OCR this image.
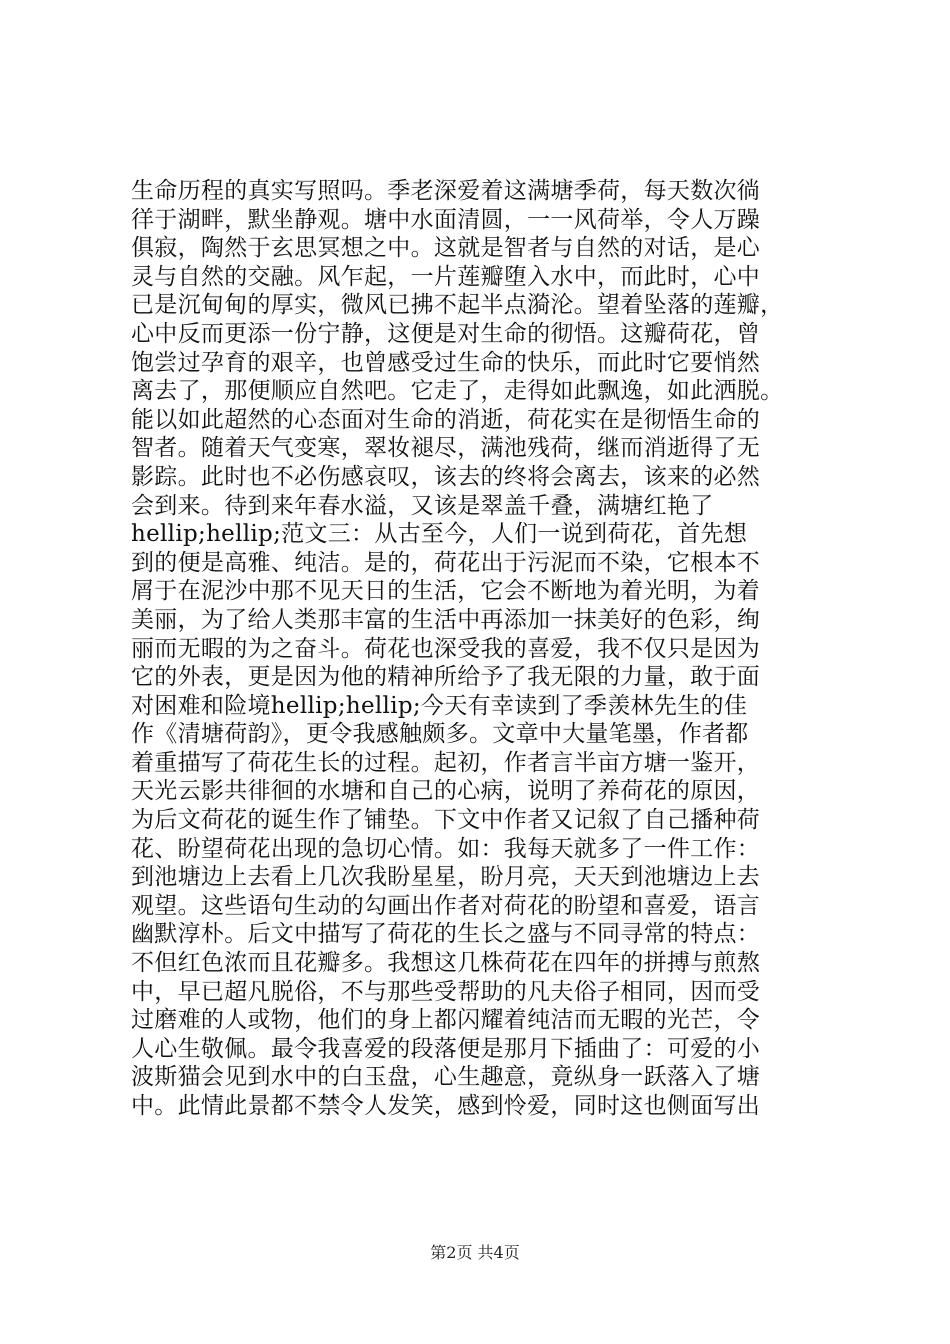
生命历程的真实写照吗。季老深爱着这满塘季荷，每天数次徜
徉于湖畔，默坐静观。塘中水面清圆，一一风荷举，令人万躁
俱寂，陶然于玄思冥想之中。这就是智者与自然的对话，是心
灵与自然的交融。风乍起，一片莲瓣堕入水中，而此时，心中
已是沉甸甸的厚实，微风已拂不起半点漪沦。望着坠落的莲瓣，
心中反而更添一份宁静，这便是对生命的彻悟。这瓣荷花，曾
饱尝过孕育的艰辛，也曾感受过生命的快乐，而此时它要悄然
离去了，那便顺应自然吧。它走了，走得如此飘逸，如此洒脱。
能以如此超然的心态面对生命的消逝，荷花实在是彻悟生命的
智者。随着天气变寒，翠妆褪尽，满池残荷，继而消逝得了无
影踪。此时也不必伤感哀叹，该去的终将会离去，该来的必然
会到来。待到来年春水溢，又该是翠盖千叠，满塘红艳了
hellip;hellip;范文三：从古至今，人们一说到荷花，首先想
到的便是高雅、纯洁。是的，荷花出于污泥而不染，它根本不
屑于在泥沙中那不见天日的生活，它会不断地为着光明，为着
美丽，为了给人类那丰富的生活中再添加一抹美好的色彩，绚
丽而无暇的为之奋斗。荷花也深受我的喜爱，我不仅只是因为
它的外表，更是因为他的精神所给予了我无限的力量，敢于面
对困难和险境hellip;hellip;今天有幸读到了季羡林先生的佳
作《清塘荷韵》，更令我感触颇多。文章中大量笔墨，作者都
着重描写了荷花生长的过程。起初，作者言半亩方塘一鉴开，
天光云影共徘徊的水塘和自己的心病，说明了养荷花的原因，
为后文荷花的诞生作了铺垫。下文中作者又记叙了自己播种荷
花、盼望荷花出现的急切心情。如：我每天就多了一件工作：
到池塘边上去看上几次我盼星星，盼月亮，天天到池塘边上去
观望。这些语句生动的勾画出作者对荷花的盼望和喜爱，语言
幽默淳朴。后文中描写了荷花的生长之盛与不同寻常的特点：
不但红色浓而且花瓣多。我想这几株荷花在四年的拼搏与煎熬
中，早已超凡脱俗，不与那些受帮助的凡夫俗子相同，因而受
过磨难的人或物，他们的身上都闪耀着纯洁而无暇的光芒，令
人心生敬佩。最令我喜爱的段落便是那月下插曲了：可爱的小
波斯猫会见到水中的白玉盘，心生趣意，竟纵身一跃落入了塘
中。此情此景都不禁令人发笑，感到怜爱，同时这也侧面写出
第2页 共4页
